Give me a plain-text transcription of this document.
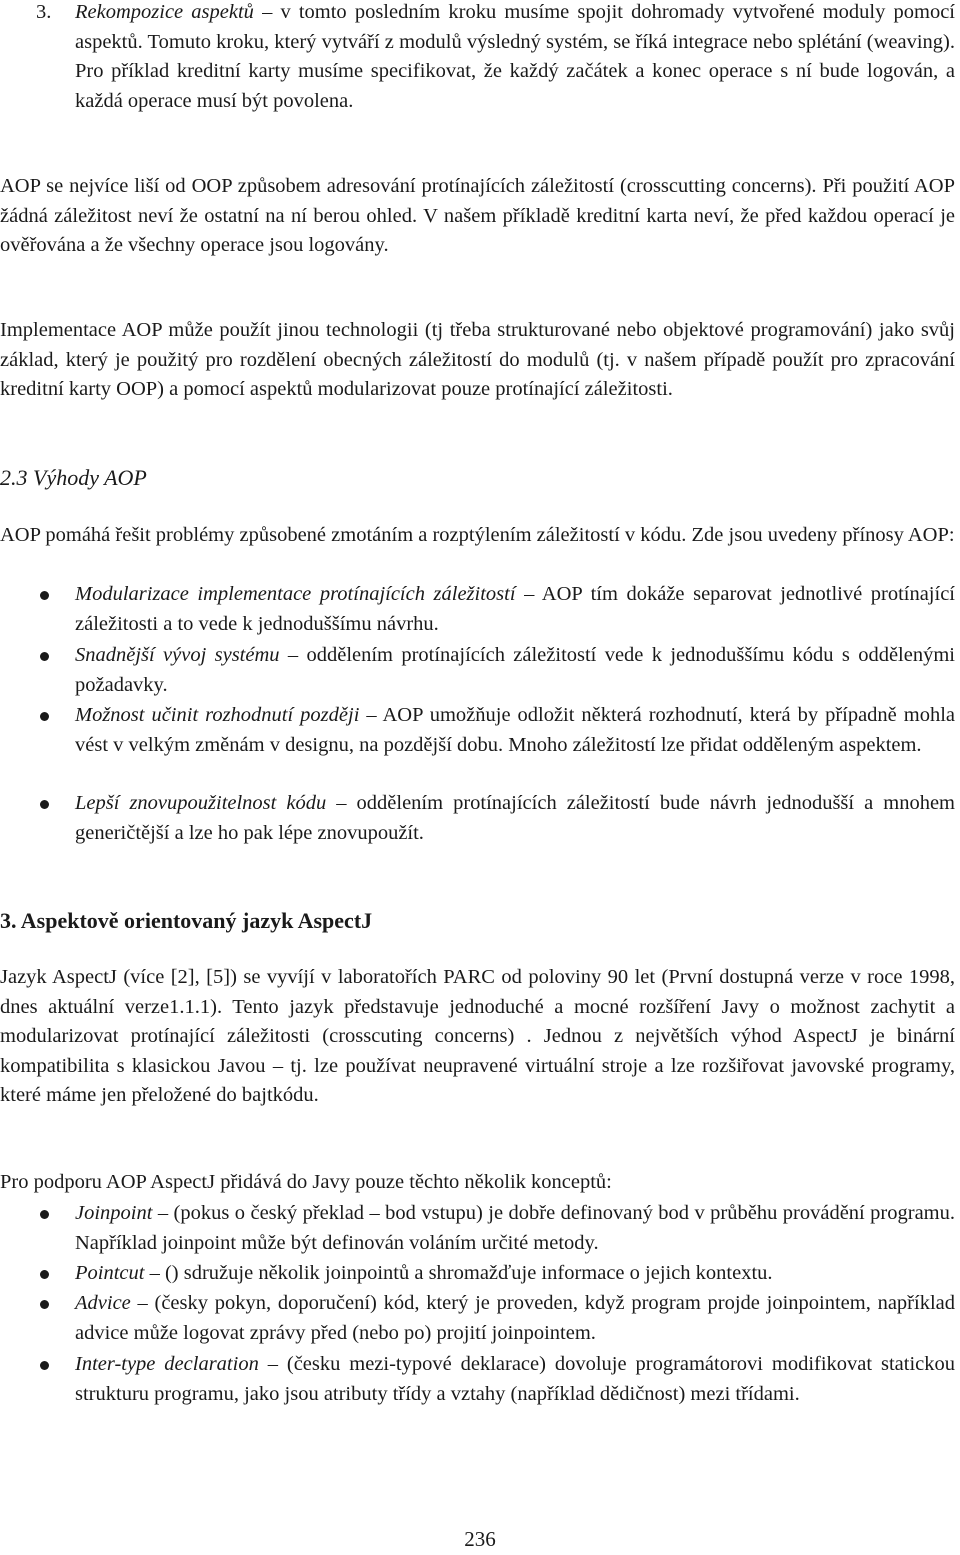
3. Rekompozice aspektů – v tomto posledním kroku musíme spojit dohromady vytvořené moduly pomocí aspektů. Tomuto kroku, který vytváří z modulů výsledný systém, se říká integrace nebo splétání (weaving). Pro příklad kreditní karty musíme specifikovat, že každý začátek a konec operace s ní bude logován, a každá operace musí být povolena.

AOP se nejvíce liší od OOP způsobem adresování protínajících záležitostí (crosscutting concerns). Při použití AOP žádná záležitost neví že ostatní na ní berou ohled. V našem příkladě kreditní karta neví, že před každou operací je ověřována a že všechny operace jsou logovány.

Implementace AOP může použít jinou technologii (tj třeba strukturované nebo objektové programování) jako svůj základ, který je použitý pro rozdělení obecných záležitostí do modulů (tj. v našem případě použít pro zpracování kreditní karty OOP) a pomocí aspektů modularizovat pouze protínající záležitosti.

2.3 Výhody AOP

AOP pomáhá řešit problémy způsobené zmotáním a rozptýlením záležitostí v kódu. Zde jsou uvedeny přínosy AOP:

Modularizace implementace protínajících záležitostí – AOP tím dokáže separovat jednotlivé protínající záležitosti a to vede k jednoduššímu návrhu.

Snadnější vývoj systému – oddělením protínajících záležitostí vede k jednoduššímu kódu s oddělenými požadavky.

Možnost učinit rozhodnutí později – AOP umožňuje odložit některá rozhodnutí, která by případně mohla vést v velkým změnám v designu, na pozdější dobu. Mnoho záležitostí lze přidat odděleným aspektem.

Lepší znovupoužitelnost kódu – oddělením protínajících záležitostí bude návrh jednodušší a mnohem generičtější a lze ho pak lépe znovupoužít.

3. Aspektově orientovaný jazyk AspectJ

Jazyk AspectJ (více [2], [5]) se vyvíjí v laboratořích PARC od poloviny 90 let (První dostupná verze v roce 1998, dnes aktuální verze1.1.1). Tento jazyk představuje jednoduché a mocné rozšíření Javy o možnost zachytit a modularizovat protínající záležitosti (crosscuting concerns) . Jednou z největších výhod AspectJ je binární kompatibilita s klasickou Javou – tj. lze používat neupravené virtuální stroje a lze rozšiřovat javovské programy, které máme jen přeložené do bajtkódu.

Pro podporu AOP AspectJ přidává do Javy pouze těchto několik konceptů:

Joinpoint – (pokus o český překlad – bod vstupu) je dobře definovaný bod v průběhu provádění programu. Například joinpoint může být definován voláním určité metody.

Pointcut – () sdružuje několik joinpointů a shromažďuje informace o jejich kontextu.

Advice – (česky pokyn, doporučení) kód, který je proveden, když program projde joinpointem, například advice může logovat zprávy před (nebo po) projití joinpointem.

Inter-type declaration – (česku mezi-typové deklarace) dovoluje programátorovi modifikovat statickou strukturu programu, jako jsou atributy třídy a vztahy (například dědičnost) mezi třídami.

236
